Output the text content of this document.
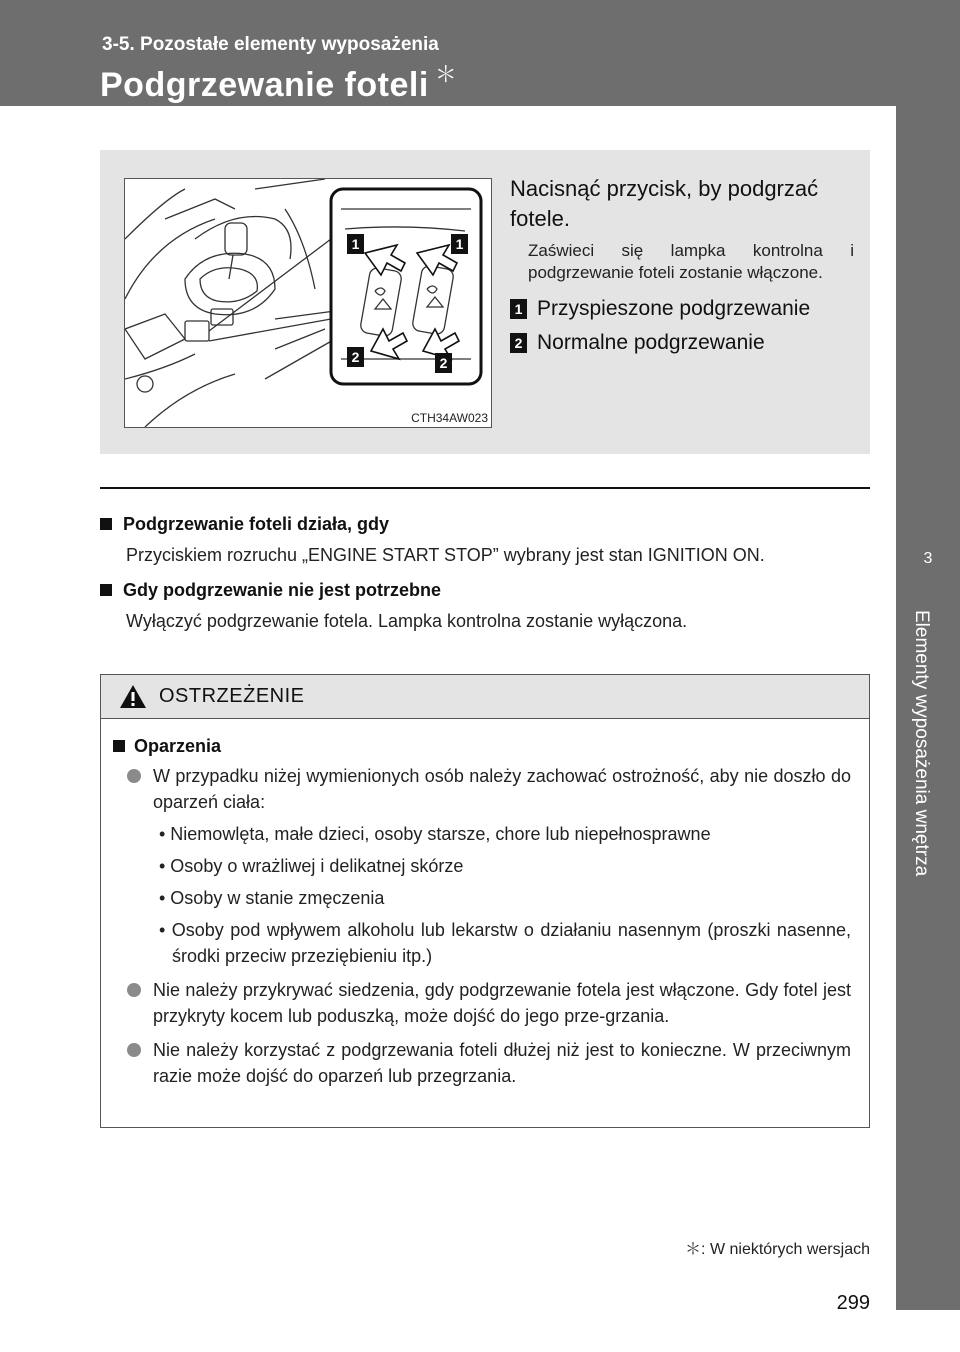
3-5. Pozostałe elementy wyposażenia
Podgrzewanie foteli ＊
3
Elementy wyposażenia wnętrza
1	1
2	2
CTH34AW023
Nacisnąć przycisk, by podgrzać fotele.
Zaświeci się lampka kontrolna i podgrzewanie foteli zostanie włączone.
1 Przyspieszone podgrzewanie
2 Normalne podgrzewanie
Podgrzewanie foteli działa, gdy
Przyciskiem rozruchu „ENGINE START STOP” wybrany jest stan IGNITION ON.
Gdy podgrzewanie nie jest potrzebne
Wyłączyć podgrzewanie fotela. Lampka kontrolna zostanie wyłączona.
OSTRZEŻENIE
Oparzenia
W przypadku niżej wymienionych osób należy zachować ostrożność, aby nie doszło do oparzeń ciała:
• Niemowlęta, małe dzieci, osoby starsze, chore lub niepełnosprawne
• Osoby o wrażliwej i delikatnej skórze
• Osoby w stanie zmęczenia
• Osoby pod wpływem alkoholu lub lekarstw o działaniu nasennym (proszki nasenne, środki przeciw przeziębieniu itp.)
Nie należy przykrywać siedzenia, gdy podgrzewanie fotela jest włączone. Gdy fotel jest przykryty kocem lub poduszką, może dojść do jego prze-grzania.
Nie należy korzystać z podgrzewania foteli dłużej niż jest to konieczne. W przeciwnym razie może dojść do oparzeń lub przegrzania.
＊: W niektórych wersjach
299
